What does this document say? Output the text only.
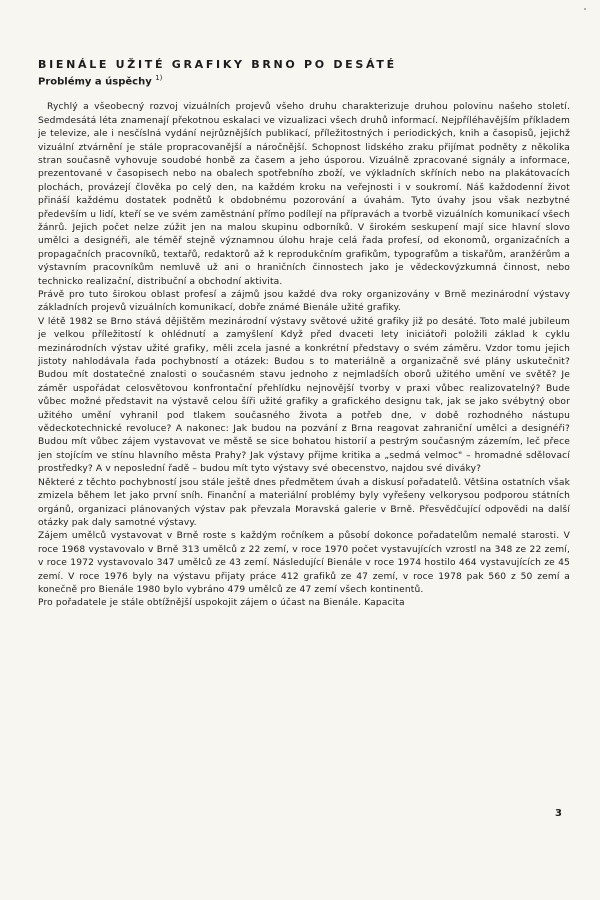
BIENÁLE UŽITÉ GRAFIKY BRNO PO DESÁTÉ
Problémy a úspěchy $^{1)}$

Rychlý a všeobecný rozvoj vizuálních projevů všeho druhu charakterizuje druhou polovinu našeho století. Sedmdesátá léta znamenají překotnou eskalaci ve vizualizaci všech druhů informací. Nejpříléhavějším příkladem je televize, ale i nesčíslná vydání nejrůznějších publikací, příležitostných i periodických, knih a časopisů, jejichž vizuální ztvárnění je stále propracovanější a náročnější. Schopnost lidského zraku přijímat podněty z několika stran současně vyhovuje soudobé honbě za časem a jeho úsporou. Vizuálně zpracované signály a informace, prezentované v časopisech nebo na obalech spotřebního zboží, ve výkladních skříních nebo na plakátovacích plochách, provázejí člověka po celý den, na každém kroku na veřejnosti i v soukromí. Náš každodenní život přináší každému dostatek podnětů k obdobnému pozorování a úvahám. Tyto úvahy jsou však nezbytné především u lidí, kteří se ve svém zaměstnání přímo podílejí na přípravách a tvorbě vizuálních komunikací všech žánrů. Jejich počet nelze zúžit jen na malou skupinu odborníků. V širokém seskupení mají sice hlavní slovo umělci a designéři, ale téměř stejně významnou úlohu hraje celá řada profesí, od ekonomů, organizačních a propagačních pracovníků, textařů, redaktorů až k reprodukčním grafikům, typografům a tiskařům, aranžérům a výstavním pracovníkům nemluvě už ani o hraničních činnostech jako je vědeckovýzkumná činnost, nebo technicko realizační, distribuční a obchodní aktivita.

Právě pro tuto širokou oblast profesí a zájmů jsou každé dva roky organizovány v Brně mezinárodní výstavy základních projevů vizuálních komunikací, dobře známé Bienále užité grafiky.

V létě 1982 se Brno stává dějištěm mezinárodní výstavy světové užité grafiky již po desáté. Toto malé jubileum je velkou příležitostí k ohlédnutí a zamyšlení Když před dvaceti lety iniciátoři položili základ k cyklu mezinárodních výstav užité grafiky, měli zcela jasné a konkrétní představy o svém záměru. Vzdor tomu jejich jistoty nahlodávala řada pochybností a otázek: Budou s to materiálně a organizačně své plány uskutečnit? Budou mít dostatečné znalosti o současném stavu jednoho z nejmladších oborů užitého umění ve světě? Je záměr uspořádat celosvětovou konfrontační přehlídku nejnovější tvorby v praxi vůbec realizovatelný? Bude vůbec možné představit na výstavě celou šíři užité grafiky a grafického designu tak, jak se jako svébytný obor užitého umění vyhranil pod tlakem současného života a potřeb dne, v době rozhodného nástupu vědeckotechnické revoluce? A nakonec: Jak budou na pozvání z Brna reagovat zahraniční umělci a designéři? Budou mít vůbec zájem vystavovat ve městě se sice bohatou historií a pestrým současným zázemím, leč přece jen stojícím ve stínu hlavního města Prahy? Jak výstavy přijme kritika a „sedmá velmoc" – hromadné sdělovací prostředky? A v neposlední řadě – budou mít tyto výstavy své obecenstvo, najdou své diváky?

Některé z těchto pochybností jsou stále ještě dnes předmětem úvah a diskusí pořadatelů. Většina ostatních však zmizela během let jako první sníh. Finanční a materiální problémy byly vyřešeny velkorysou podporou státních orgánů, organizaci plánovaných výstav pak převzala Moravská galerie v Brně. Přesvědčující odpovědi na další otázky pak daly samotné výstavy.

Zájem umělců vystavovat v Brně roste s každým ročníkem a působí dokonce pořadatelům nemalé starosti. V roce 1968 vystavovalo v Brně 313 umělců z 22 zemí, v roce 1970 počet vystavujících vzrostl na 348 ze 22 zemí, v roce 1972 vystavovalo 347 umělců ze 43 zemí. Následující Bienále v roce 1974 hostilo 464 vystavujících ze 45 zemí. V roce 1976 byly na výstavu přijaty práce 412 grafiků ze 47 zemí, v roce 1978 pak 560 z 50 zemí a konečně pro Bienále 1980 bylo vybráno 479 umělců ze 47 zemí všech kontinentů.

Pro pořadatele je stále obtížnější uspokojit zájem o účast na Bienále. Kapacita

3
